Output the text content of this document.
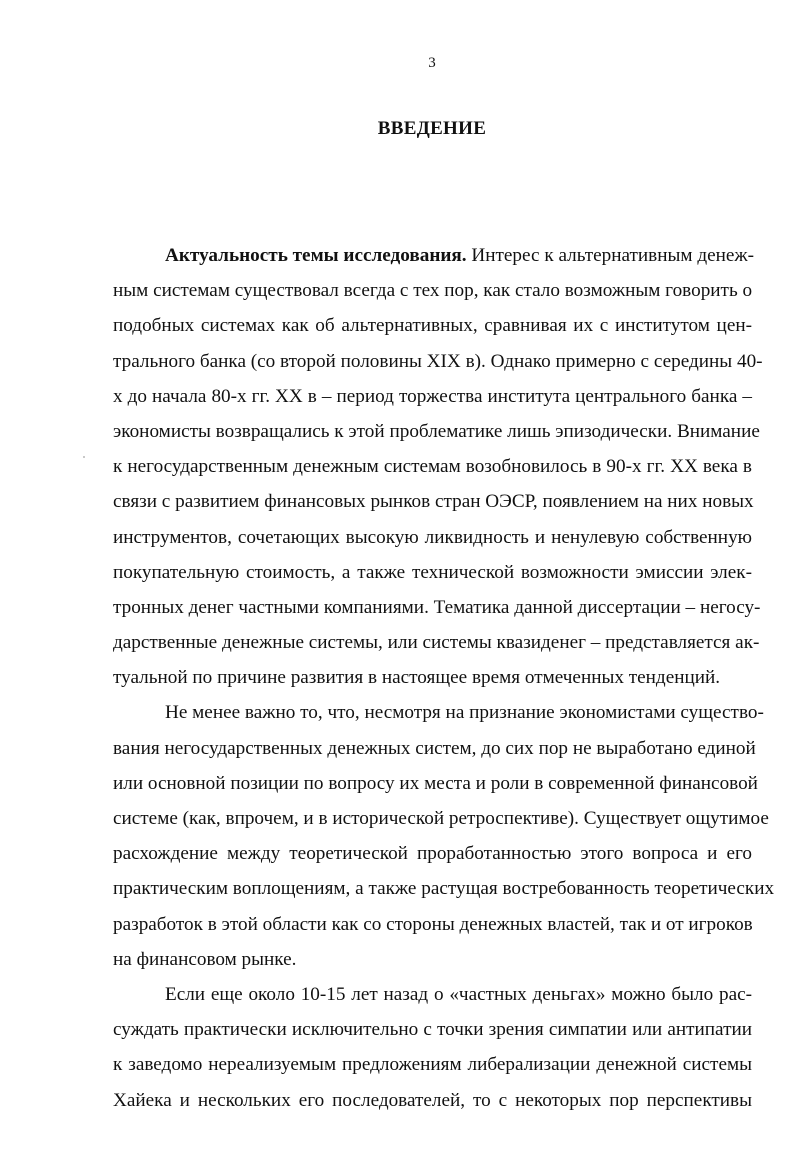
3
ВВЕДЕНИЕ
Актуальность темы исследования. Интерес к альтернативным денеж-
ным системам существовал всегда с тех пор, как стало возможным говорить о
подобных системах как об альтернативных, сравнивая их с институтом цен-
трального банка (со второй половины XIX в). Однако примерно с середины 40-
х до начала 80-х гг. XX в – период торжества института центрального банка –
экономисты возвращались к этой проблематике лишь эпизодически. Внимание
к негосударственным денежным системам возобновилось в 90-х гг. XX века в
связи с развитием финансовых рынков стран ОЭСР, появлением на них новых
инструментов, сочетающих высокую ликвидность и ненулевую собственную
покупательную стоимость, а также технической возможности эмиссии элек-
тронных денег частными компаниями. Тематика данной диссертации – негосу-
дарственные денежные системы, или системы квазиденег – представляется ак-
туальной по причине развития в настоящее время отмеченных тенденций.
Не менее важно то, что, несмотря на признание экономистами существо-
вания негосударственных денежных систем, до сих пор не выработано единой
или основной позиции по вопросу их места и роли в современной финансовой
системе (как, впрочем, и в исторической ретроспективе). Существует ощутимое
расхождение между теоретической проработанностью этого вопроса и его
практическим воплощениям, а также растущая востребованность теоретических
разработок в этой области как со стороны денежных властей, так и от игроков
на финансовом рынке.
Если еще около 10-15 лет назад о «частных деньгах» можно было рас-
суждать практически исключительно с точки зрения симпатии или антипатии
к заведомо нереализуемым предложениям либерализации денежной системы
Хайека и нескольких его последователей, то с некоторых пор перспективы
